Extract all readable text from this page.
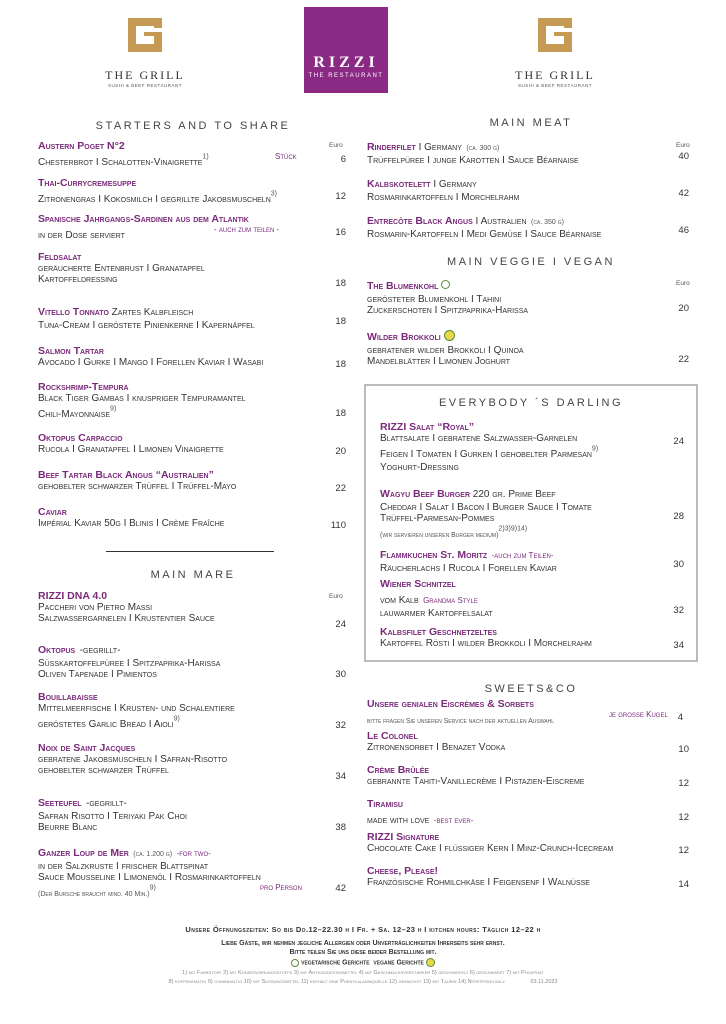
THE GRILL
SUSHI & BEEF RESTAURANT
RIZZI
THE RESTAURANT	THE GRILL
SUSHI & BEEF RESTAURANT
STARTERS AND TO SHARE
Euro
Austern Poget N°2
Chesterbrot I Schalotten-Vinaigrette$^{1)}$	Stück	6
Thai-Currycremesuppe
Zitronengras I Kokosmilch I gegrillte Jakobsmuscheln$^{3)}$	12
Spanische Jahrgangs-Sardinen aus dem Atlantik
in der Dose serviert
- auch zum teilen -	16
Feldsalat
geräucherte Entenbrust I Granatapfel
Kartoffeldressing	18
Vitello Tonnato Zartes Kalbfleisch
Tuna-Cream I geröstete Pinienkerne I Kapernäpfel	18
Salmon Tartar
Avocado I Gurke I Mango I Forellen Kaviar I Wasabi	18
Rockshrimp-Tempura
Black Tiger Gambas I knuspriger Tempuramantel
Chili-Mayonnaise$^{9)}$	18
Oktopus Carpaccio
Rucola I Granatapfel I Limonen Vinaigrette	20
Beef Tartar Black Angus “Australien”
gehobelter schwarzer Trüffel I Trüffel-Mayo	22
Caviar
Impérial Kaviar 50g I Blinis I Crème Fraîche	110
MAIN MARE
Euro
RIZZI DNA 4.0
Paccheri von Pietro Massi
Salzwassergarnelen I Krustentier Sauce
24
Oktopus -gegrillt-
Süßkartoffelpüree I Spitzpaprika-Harissa
Oliven Tapenade I Pimientos	30
Bouillabaisse
Mittelmeerfische I Krusten- und Schalentiere
geröstetes Garlic Bread I Aioli$^{9)}$
32
Noix de Saint Jacques
gebratene Jakobsmuscheln I Safran-Risotto
gehobelter schwarzer Trüffel
34
Seeteufel -gegrillt-
Safran Risotto I Teriyaki Pak Choi
Beurre Blanc	38
Ganzer Loup de Mer (ca. 1.200 g) -for two-
in der Salzkruste I frischer Blattspinat
Sauce Mousseline I Limonenöl I Rosmarinkartoffeln
(Der Bursche braucht mind. 40 Min.)$^{9)}$	pro Person	42
MAIN MEAT
Euro
Rinderfilet I Germany (ca. 300 g)
Trüffelpüree I junge Karotten I Sauce Béarnaise	40
Kalbskotelett I Germany
Rosmarinkartoffeln I Morchelrahm	42
Entrecôte Black Angus I Australien (ca. 350 g)
Rosmarin-Kartoffeln I Medi Gemüse I Sauce Béarnaise	46
MAIN VEGGIE I VEGAN
Euro
The Blumenkohl
gerösteter Blumenkohl I Tahini
Zuckerschoten I Spitzpaprika-Harissa	20
Wilder Brokkoli
gebratener wilder Brokkoli I Quinoa
Mandelblätter I Limonen Joghurt	22
EVERYBODY ´S DARLING
RIZZI Salat “Royal”
Blattsalate I gebratene Salzwasser-Garnelen
Feigen I Tomaten I Gurken I gehobelter Parmesan$^{9)}$
Yoghurt-Dressing
24
Wagyu Beef Burger 220 gr. Prime Beef
Cheddar I Salat I Bacon I Burger Sauce I Tomate
Trüffel-Parmesan-Pommes
(wir servieren unseren Burger medium)$^{2)3)9)14)}$
28
Flammkuchen St. Moritz -auch zum Teilen-
Räucherlachs I Rucola I Forellen Kaviar	30
Wiener Schnitzel
vom Kalb Grandma Style
lauwarmer Kartoffelsalat	32
Kalbsfilet Geschnetzeltes
Kartoffel Rösti I wilder Brokkoli I Morchelrahm	34
SWEETS&CO
Unsere genialen Eiscrèmes & Sorbets
bitte fragen Sie unseren Service nach der aktuellen Auswahl
je große Kugel	4
Le Colonel
Zitronensorbet I Benazet Vodka	10
Crème Brûlée
gebrannte Tahiti-Vanillecrème I Pistazien-Eiscreme	12
Tiramisu
made with love -best ever-	12
RIZZI Signature
Chocolate Cake I flüssiger Kern I Minz-Crunch-Icecream	12
Cheese, Please!
Französische Rohmilchkäse I Feigensenf I Walnüsse	14
Unsere Öffnungszeiten: So bis Do.12–22.30 h I Fr. + Sa. 12–23 h I kitchen hours: Täglich 12–22 h
Liebe Gäste, wir nehmen jegliche Allergien oder Unverträglichkeiten Ihrerseits sehr ernst.
Bitte teilen Sie uns diese beider Bestellung mit.
vegetarische Gerichte vegane Gerichte
1) mit Farbstoff 2) mit Konservierungsstoffe 3) mit Antioxidationsmittel 4) mit Geschmacksverstärker 5) geschwefelt 6) geschwärzt 7) mit Phosphat
8) koffeinhaltig 9) chininhaltig 10) mit Süßungsmittel 11) enthält eine Phenylalaninquelle 12) gewachst 13) mit Taurin 14) Nitritpökelsalz	03.11.2023
